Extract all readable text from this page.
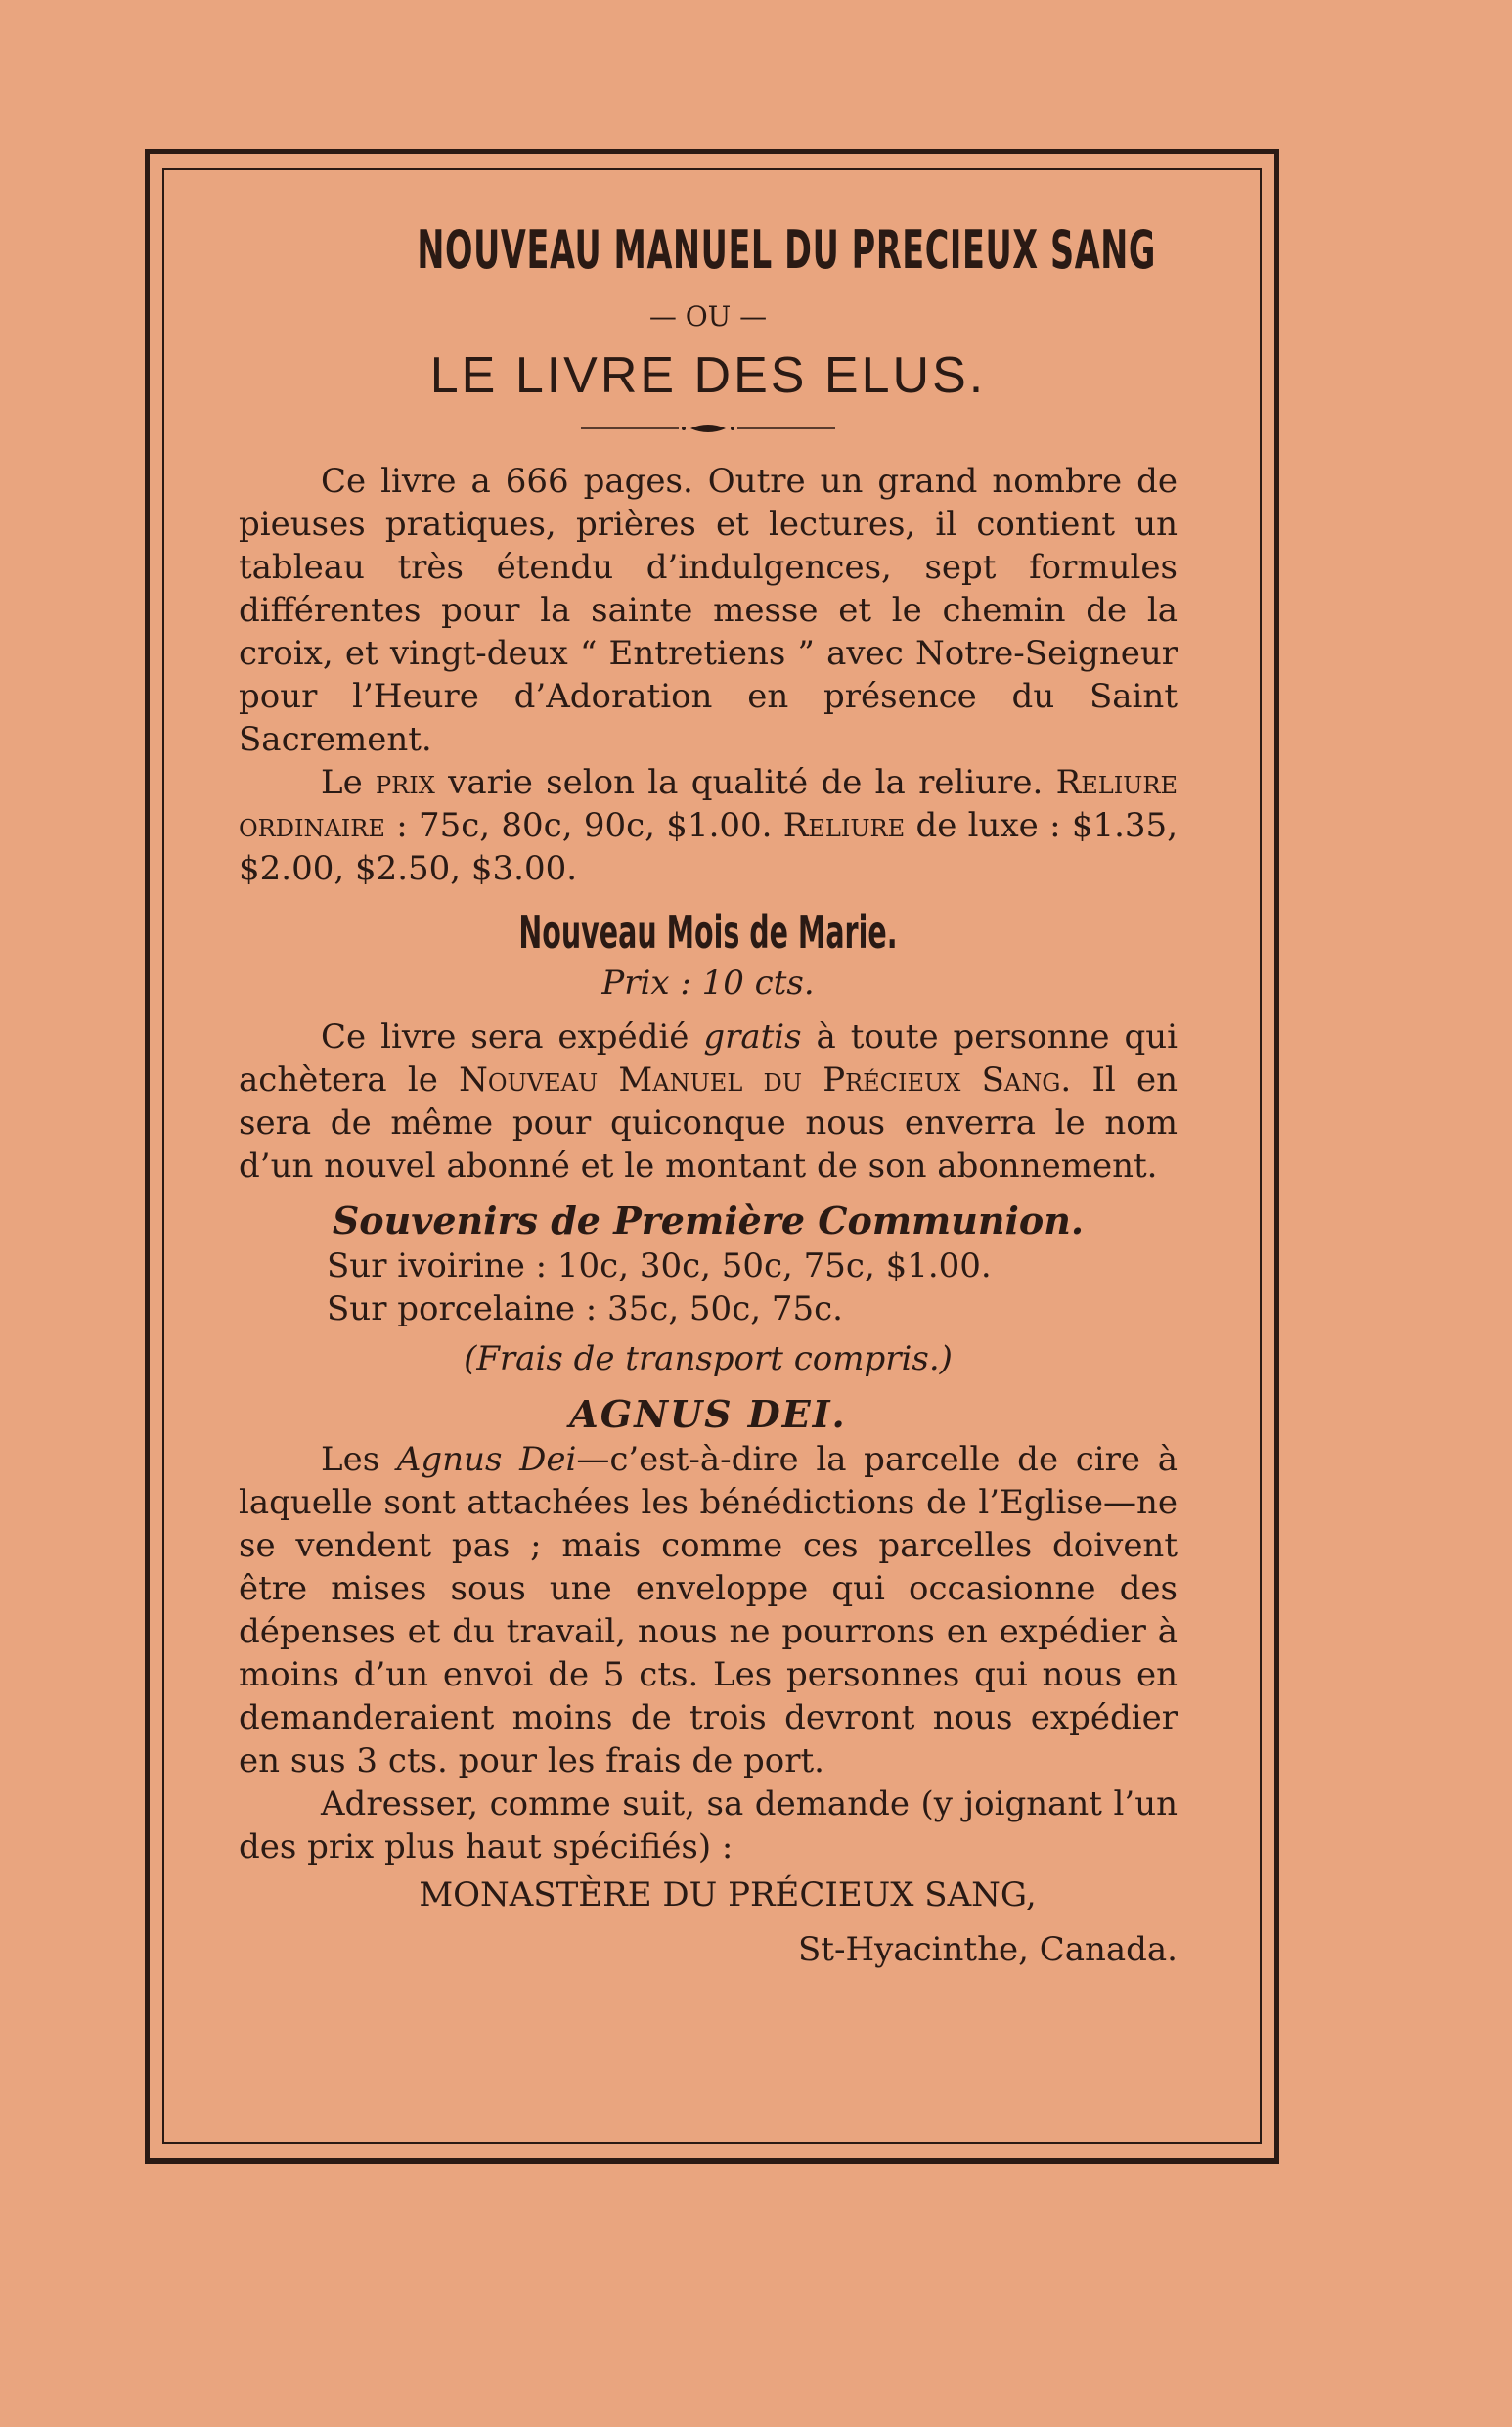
NOUVEAU MANUEL DU PRECIEUX SANG
— OU —
LE LIVRE DES ELUS.

Ce livre a 666 pages. Outre un grand nombre de pieuses pratiques, prières et lectures, il contient un tableau très étendu d’indulgences, sept formules différentes pour la sainte messe et le chemin de la croix, et vingt-deux “ Entretiens ” avec Notre-Seigneur pour l’Heure d’Adoration en présence du Saint Sacrement.

Le prix varie selon la qualité de la reliure. Reliure ordinaire : 75c, 80c, 90c, $1.00. Reliure de luxe : $1.35, $2.00, $2.50, $3.00.

Nouveau Mois de Marie.
Prix : 10 cts.

Ce livre sera expédié gratis à toute personne qui achètera le Nouveau Manuel du Précieux Sang. Il en sera de même pour quiconque nous enverra le nom d’un nouvel abonné et le montant de son abonnement.

Souvenirs de Première Communion.
Sur ivoirine : 10c, 30c, 50c, 75c, $1.00.
Sur porcelaine : 35c, 50c, 75c.
(Frais de transport compris.)
AGNUS DEI.

Les Agnus Dei—c’est-à-dire la parcelle de cire à laquelle sont attachées les bénédictions de l’Eglise—ne se vendent pas ; mais comme ces parcelles doivent être mises sous une enveloppe qui occasionne des dépenses et du travail, nous ne pourrons en expédier à moins d’un envoi de 5 cts. Les personnes qui nous en demanderaient moins de trois devront nous expédier en sus 3 cts. pour les frais de port.

Adresser, comme suit, sa demande (y joignant l’un des prix plus haut spécifiés) :

MONASTÈRE DU PRÉCIEUX SANG,
St-Hyacinthe, Canada.
